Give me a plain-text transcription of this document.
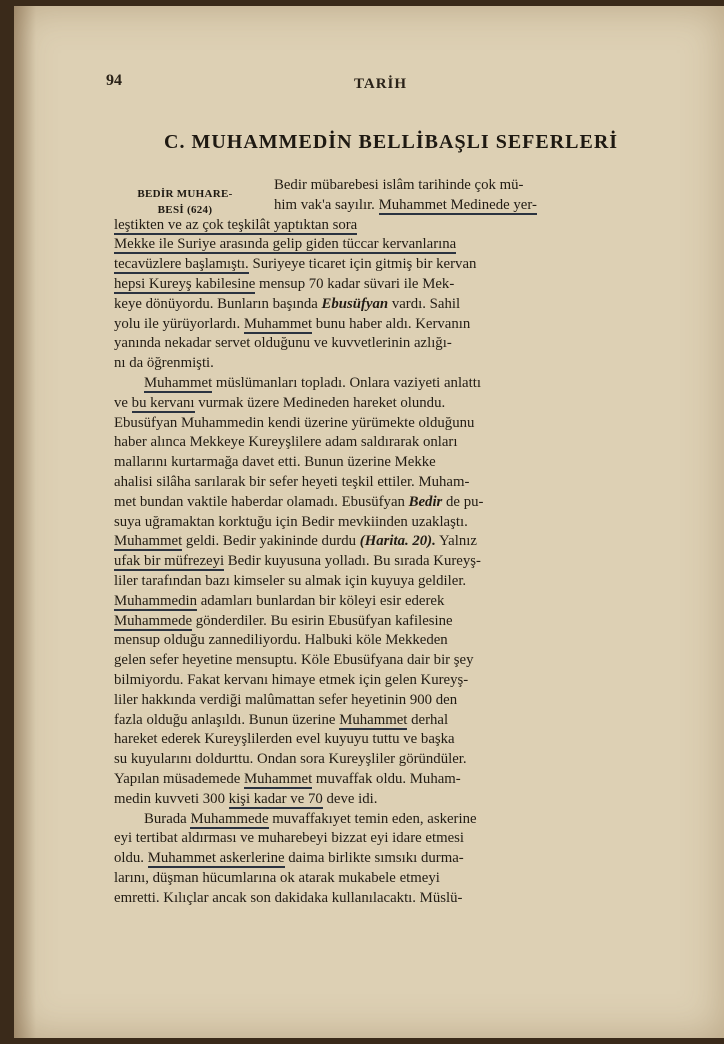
94	TARİH
C. MUHAMMEDİN BELLİBAŞLI SEFERLERİ
BEDİR MUHARE-
BESİ (624)
Bedir mübarebesi islâm tarihinde çok mü-
him vak'a sayılır. Muhammet Medinede yer-
leştikten ve az çok teşkilât yaptıktan sora
Mekke ile Suriye arasında gelip giden tüccar kervanlarına
tecavüzlere başlamıştı. Suriyeye ticaret için gitmiş bir kervan
hepsi Kureyş kabilesine mensup 70 kadar süvari ile Mek-
keye dönüyordu. Bunların başında Ebusüfyan vardı. Sahil
yolu ile yürüyorlardı. Muhammet bunu haber aldı. Kervanın
yanında nekadar servet olduğunu ve kuvvetlerinin azlığı-
nı da öğrenmişti.
Muhammet müslümanları topladı. Onlara vaziyeti anlattı
ve bu kervanı vurmak üzere Medineden hareket olundu.
Ebusüfyan Muhammedin kendi üzerine yürümekte olduğunu
haber alınca Mekkeye Kureyşlilere adam saldırarak onları
mallarını kurtarmağa davet etti. Bunun üzerine Mekke
ahalisi silâha sarılarak bir sefer heyeti teşkil ettiler. Muham-
met bundan vaktile haberdar olamadı. Ebusüfyan Bedir de pu-
suya uğramaktan korktuğu için Bedir mevkiinden uzaklaştı.
Muhammet geldi. Bedir yakininde durdu (Harita. 20). Yalnız
ufak bir müfrezeyi Bedir kuyusuna yolladı. Bu sırada Kureyş-
liler tarafından bazı kimseler su almak için kuyuya geldiler.
Muhammedin adamları bunlardan bir köleyi esir ederek
Muhammede gönderdiler. Bu esirin Ebusüfyan kafilesine
mensup olduğu zannediliyordu. Halbuki köle Mekkeden
gelen sefer heyetine mensuptu. Köle Ebusüfyana dair bir şey
bilmiyordu. Fakat kervanı himaye etmek için gelen Kureyş-
liler hakkında verdiği malûmattan sefer heyetinin 900 den
fazla olduğu anlaşıldı. Bunun üzerine Muhammet derhal
hareket ederek Kureyşlilerden evel kuyuyu tuttu ve başka
su kuyularını doldurttu. Ondan sora Kureyşliler göründüler.
Yapılan müsademede Muhammet muvaffak oldu. Muham-
medin kuvveti 300 kişi kadar ve 70 deve idi.
Burada Muhammede muvaffakıyet temin eden, askerine
eyi tertibat aldırması ve muharebeyi bizzat eyi idare etmesi
oldu. Muhammet askerlerine daima birlikte sımsıkı durma-
larını, düşman hücumlarına ok atarak mukabele etmeyi
emretti. Kılıçlar ancak son dakidaka kullanılacaktı. Müslü-
